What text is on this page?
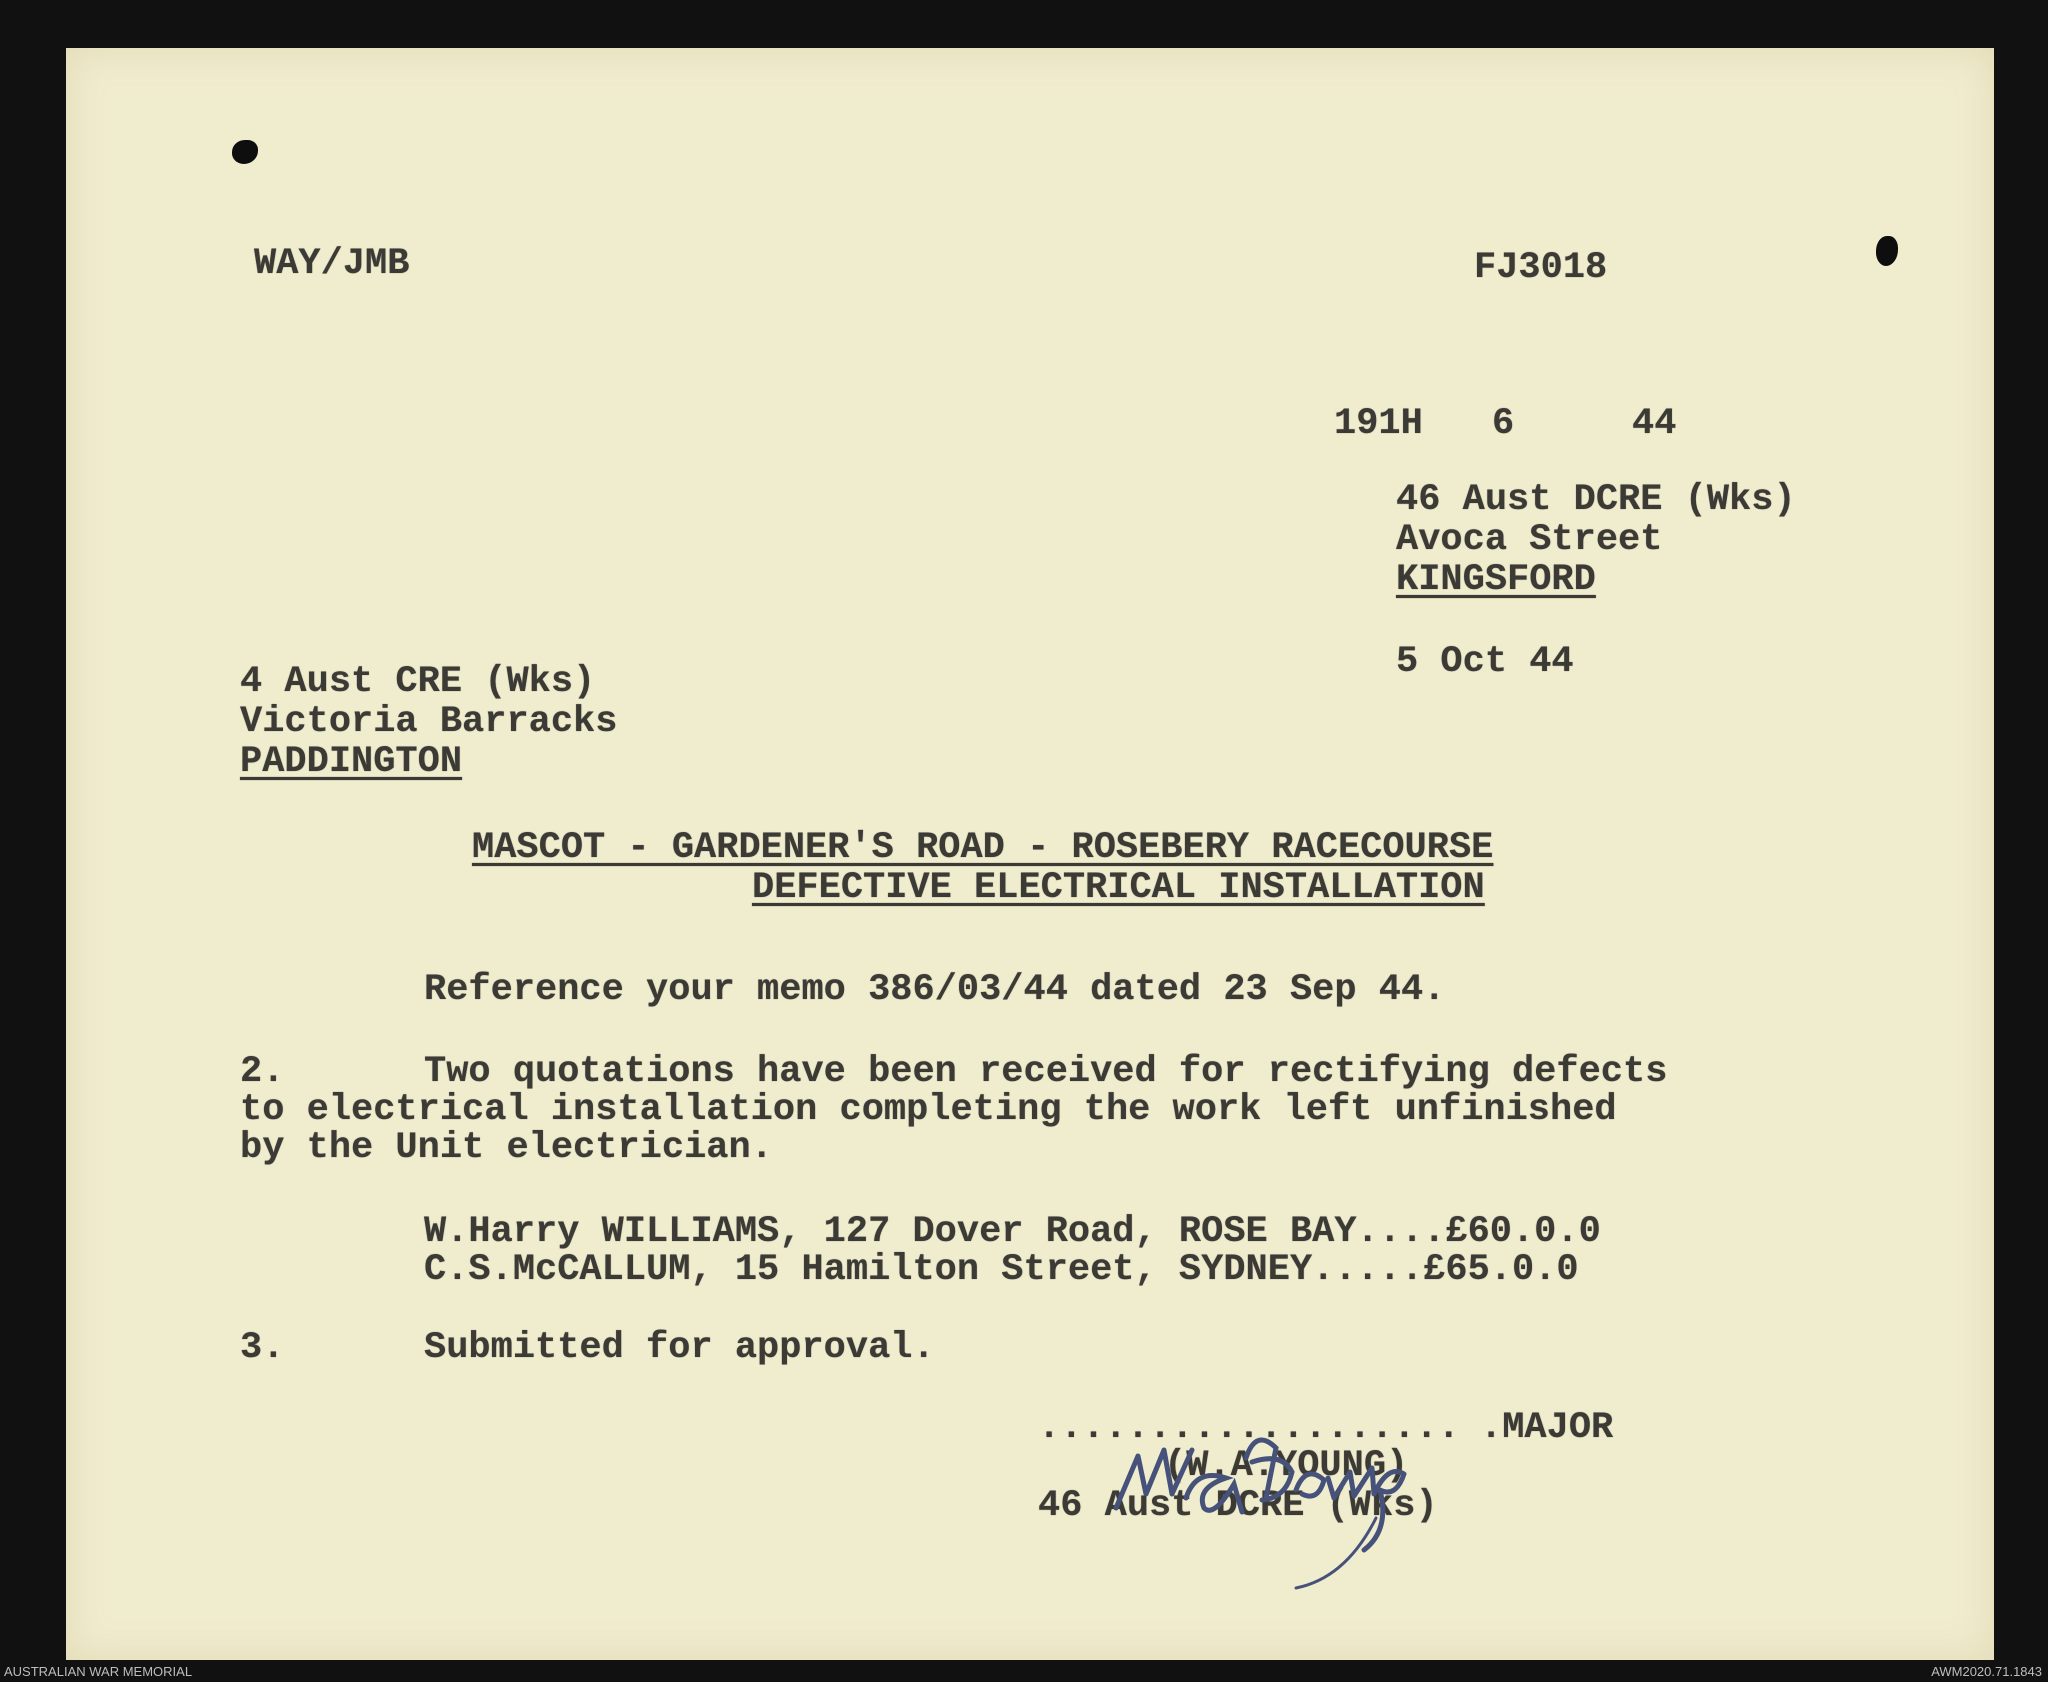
WAY/JMB	FJ3018

191H 6	44

46 Aust DCRE (Wks)

Avoca Street

KINGSFORD

5 Oct 44

4 Aust CRE (Wks)

Victoria Barracks

PADDINGTON

MASCOT - GARDENER'S ROAD - ROSEBERY RACECOURSE

DEFECTIVE ELECTRICAL INSTALLATION

Reference your memo 386/03/44 dated 23 Sep 44.

2.	Two quotations have been received for rectifying defects

to electrical installation completing the work left unfinished

by the Unit electrician.

W.Harry WILLIAMS, 127 Dover Road, ROSE BAY....£60.0.0

C.S.McCALLUM, 15 Hamilton Street, SYDNEY.....£65.0.0

3.	Submitted for approval.

................... .MAJOR

(W.A.YOUNG)

46 Aust DCRE (Wks)

AUSTRALIAN WAR MEMORIAL	AWM2020.71.1843
